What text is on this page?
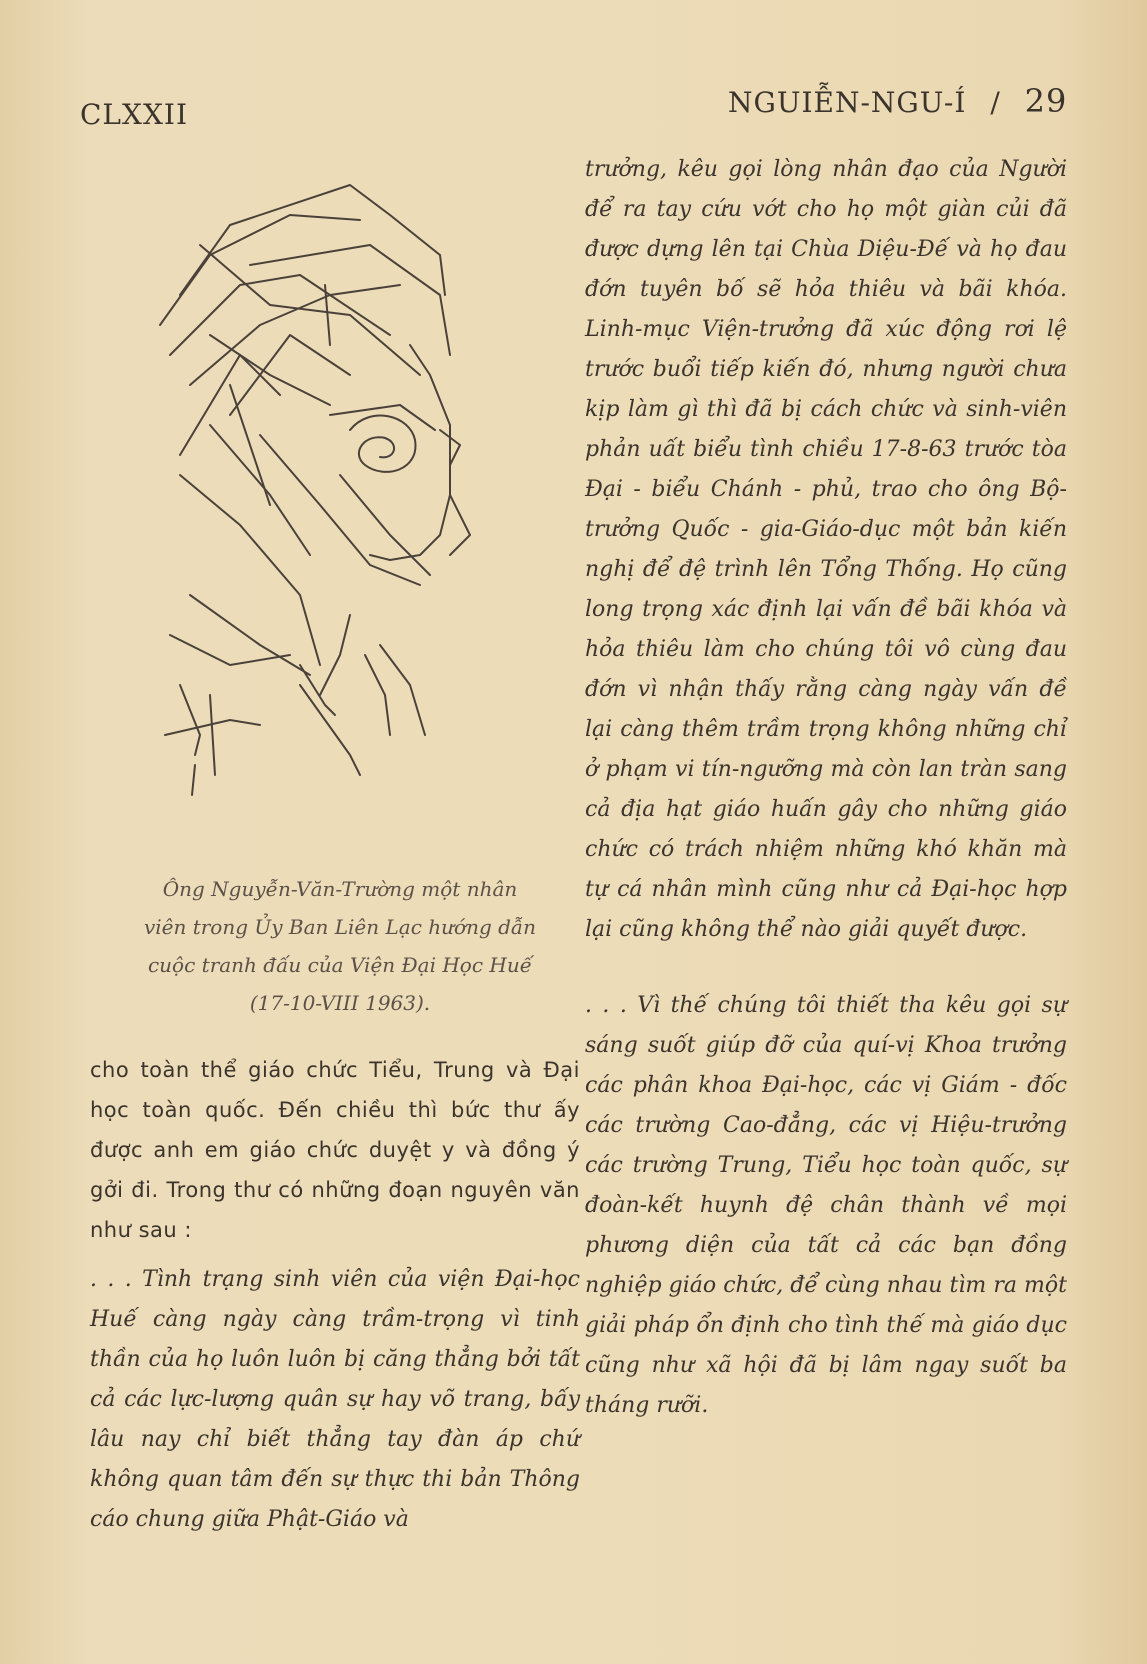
CLXXII	NGUIỄN-NGU-Í / 29
Ông Nguyễn-Văn-Trường một nhân
viên trong Ủy Ban Liên Lạc hướng dẫn
cuộc tranh đấu của Viện Đại Học Huế
(17-10-VIII 1963).

cho toàn thể giáo chức Tiểu, Trung và Đại học toàn quốc. Đến chiều thì bức thư ấy được anh em giáo chức duyệt y và đồng ý gởi đi. Trong thư có những đoạn nguyên văn như sau :

. . . Tình trạng sinh viên của viện Đại-học Huế càng ngày càng trầm-trọng vì tinh thần của họ luôn luôn bị căng thẳng bởi tất cả các lực-lượng quân sự hay võ trang, bấy lâu nay chỉ biết thẳng tay đàn áp chứ không quan tâm đến sự thực thi bản Thông cáo chung giữa Phật-Giáo và

trưởng, kêu gọi lòng nhân đạo của Người để ra tay cứu vớt cho họ một giàn củi đã được dựng lên tại Chùa Diệu-Đế và họ đau đớn tuyên bố sẽ hỏa thiêu và bãi khóa. Linh-mục Viện-trưởng đã xúc động rơi lệ trước buổi tiếp kiến đó, nhưng người chưa kịp làm gì thì đã bị cách chức và sinh-viên phản uất biểu tình chiều 17-8-63 trước tòa Đại - biểu Chánh - phủ, trao cho ông Bộ-trưởng Quốc - gia-Giáo-dục một bản kiến nghị để đệ trình lên Tổng Thống. Họ cũng long trọng xác định lại vấn đề bãi khóa và hỏa thiêu làm cho chúng tôi vô cùng đau đớn vì nhận thấy rằng càng ngày vấn đề lại càng thêm trầm trọng không những chỉ ở phạm vi tín-ngưỡng mà còn lan tràn sang cả địa hạt giáo huấn gây cho những giáo chức có trách nhiệm những khó khăn mà tự cá nhân mình cũng như cả Đại-học hợp lại cũng không thể nào giải quyết được.

. . . Vì thế chúng tôi thiết tha kêu gọi sự sáng suốt giúp đỡ của quí-vị Khoa trưởng các phân khoa Đại-học, các vị Giám - đốc các trường Cao-đẳng, các vị Hiệu-trưởng các trường Trung, Tiểu học toàn quốc, sự đoàn-kết huynh đệ chân thành về mọi phương diện của tất cả các bạn đồng nghiệp giáo chức, để cùng nhau tìm ra một giải pháp ổn định cho tình thế mà giáo dục cũng như xã hội đã bị lâm ngay suốt ba tháng rưỡi.
